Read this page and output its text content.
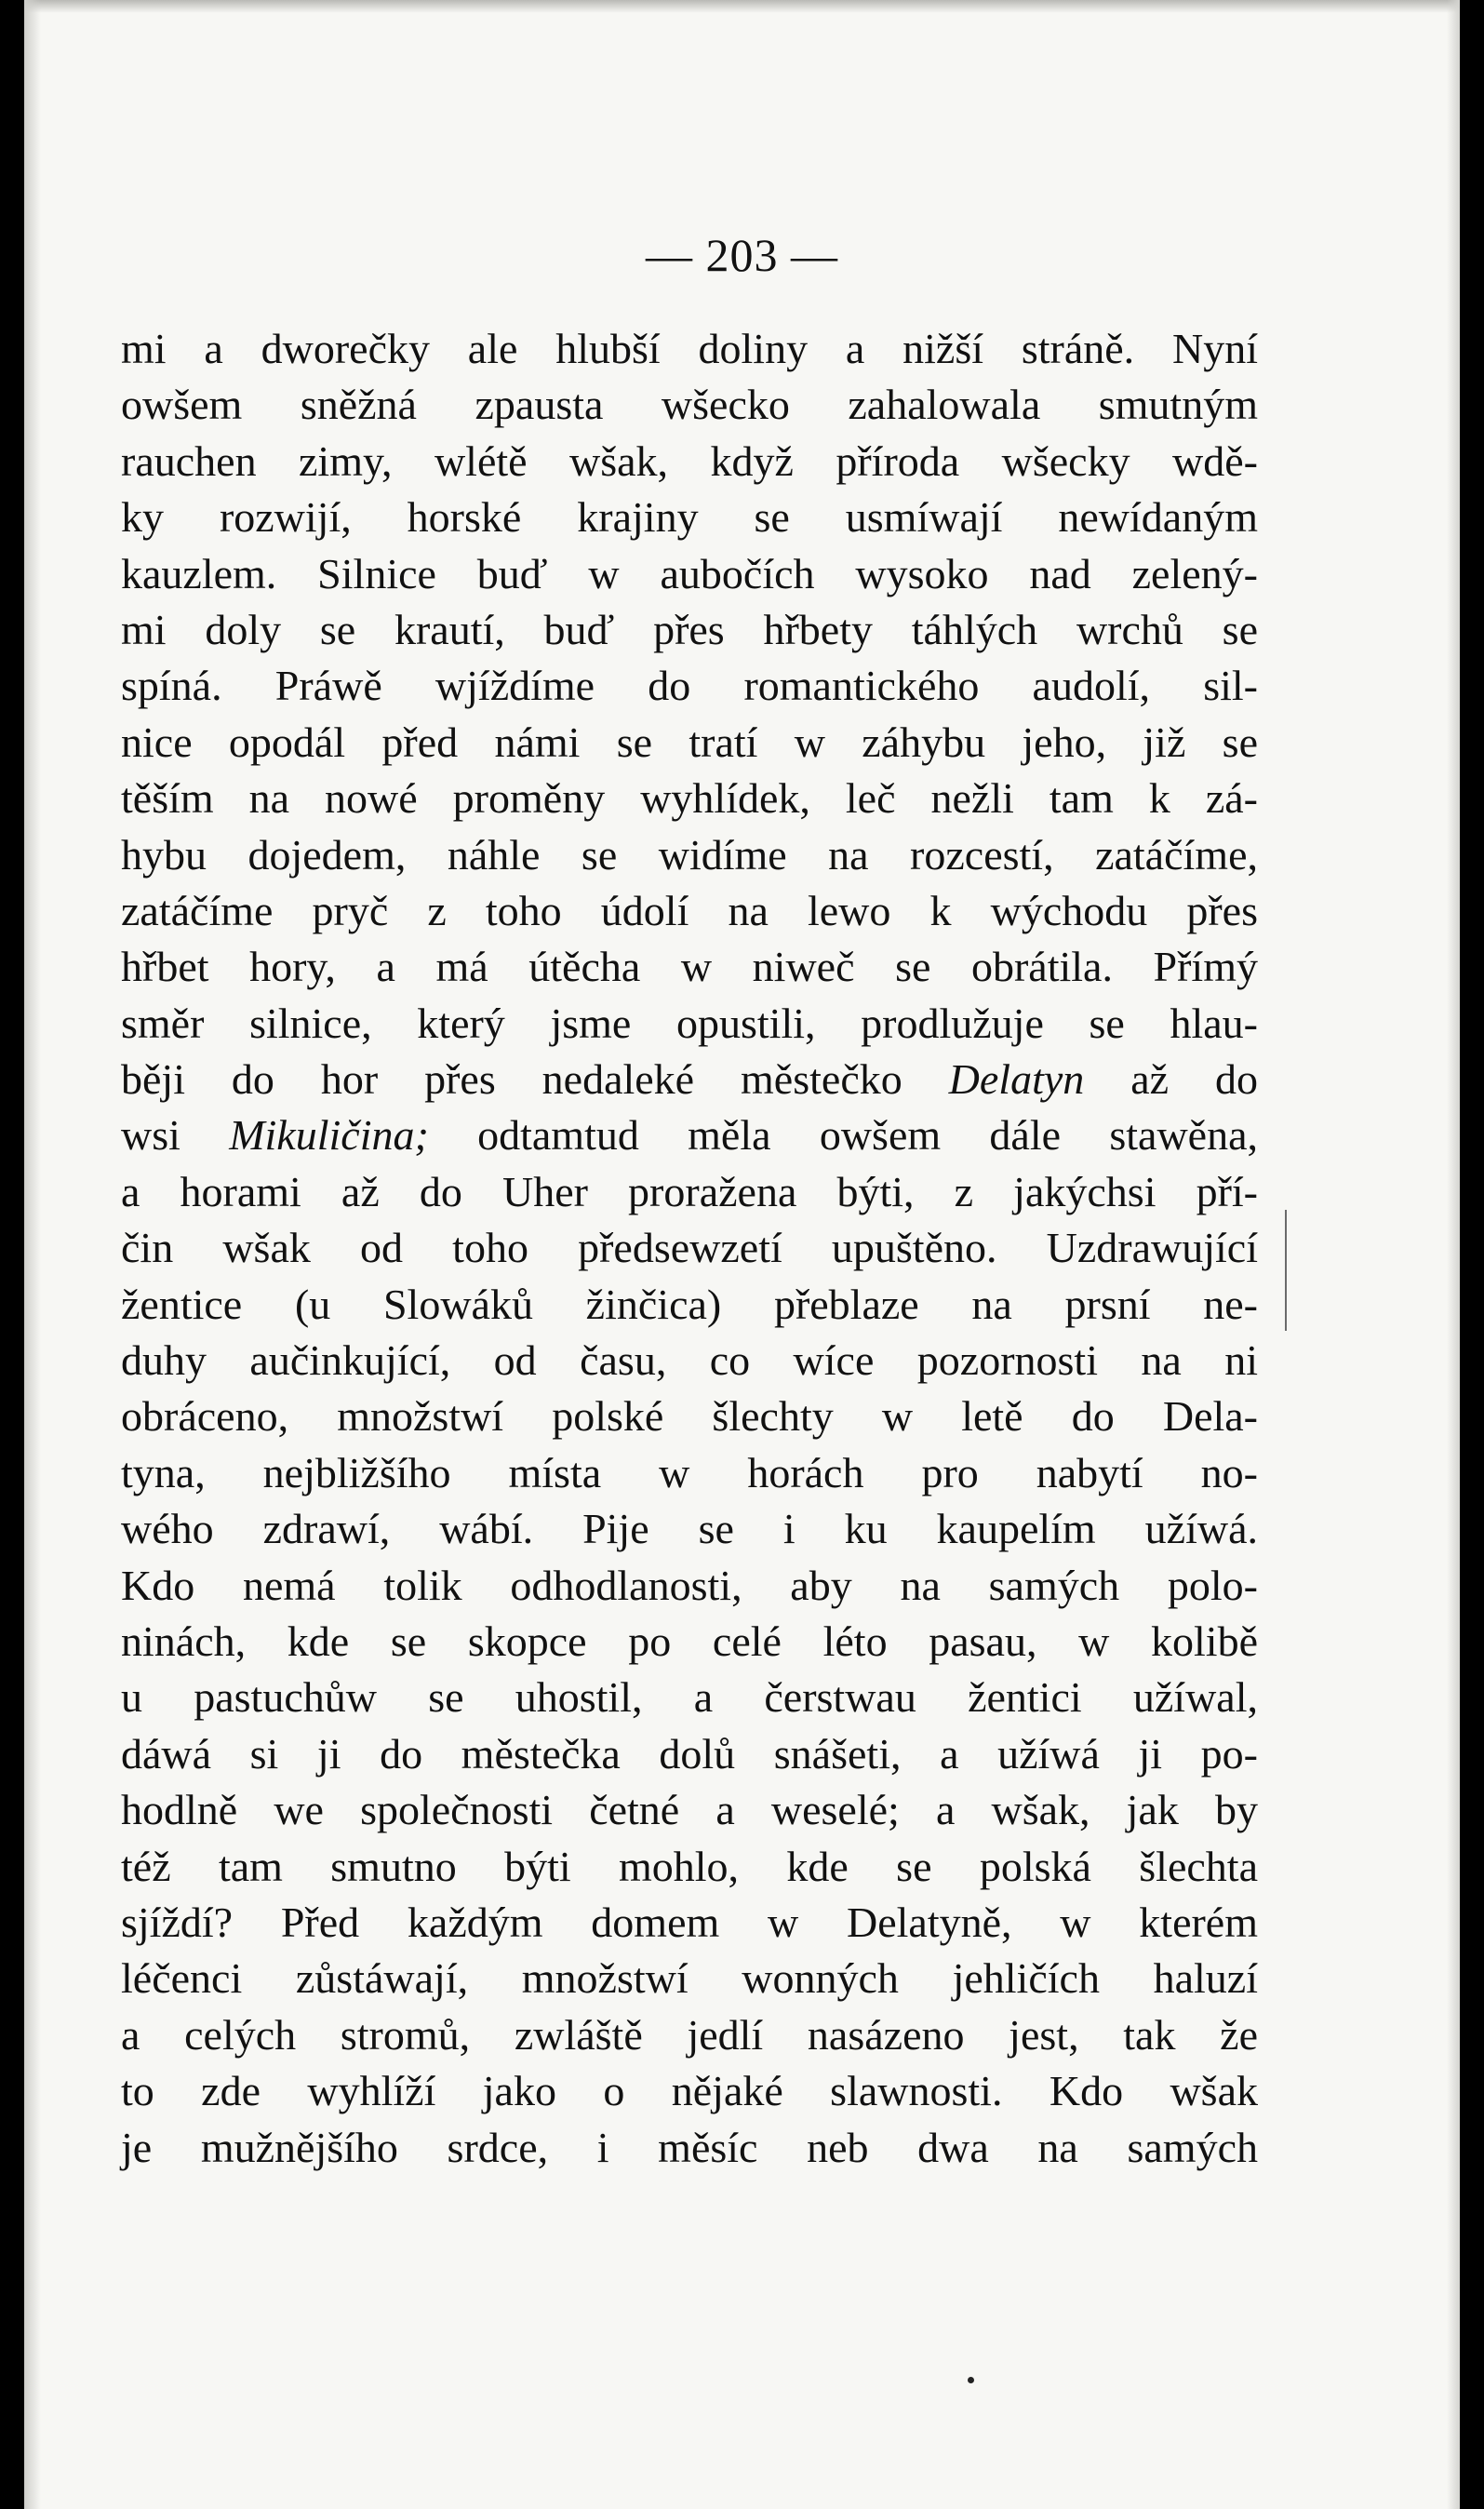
— 203 —
mi a dworečky ale hlubší doliny a nižší stráně. Nyní
owšem sněžná zpausta wšecko zahalowala smutným
rauchen zimy, wlétě wšak, když příroda wšecky wdě-
ky rozwijí, horské krajiny se usmíwají newídaným
kauzlem. Silnice buď w aubočích wysoko nad zelený-
mi doly se krautí, buď přes hřbety táhlých wrchů se
spíná. Práwě wjíždíme do romantického audolí, sil-
nice opodál před námi se tratí w záhybu jeho, již se
těším na nowé proměny wyhlídek, leč nežli tam k zá-
hybu dojedem, náhle se widíme na rozcestí, zatáčíme,
zatáčíme pryč z toho údolí na lewo k wýchodu přes
hřbet hory, a má útěcha w niweč se obrátila. Přímý
směr silnice, který jsme opustili, prodlužuje se hlau-
běji do hor přes nedaleké městečko Delatyn až do
wsi Mikuličina; odtamtud měla owšem dále stawěna,
a horami až do Uher proražena býti, z jakýchsi pří-
čin wšak od toho předsewzetí upuštěno. Uzdrawující
žentice (u Slowáků žinčica) přeblaze na prsní ne-
duhy aučinkující, od času, co wíce pozornosti na ni
obráceno, množstwí polské šlechty w letě do Dela-
tyna, nejbližšího místa w horách pro nabytí no-
wého zdrawí, wábí. Pije se i ku kaupelím užíwá.
Kdo nemá tolik odhodlanosti, aby na samých polo-
ninách, kde se skopce po celé léto pasau, w kolibě
u pastuchůw se uhostil, a čerstwau žentici užíwal,
dáwá si ji do městečka dolů snášeti, a užíwá ji po-
hodlně we společnosti četné a weselé; a wšak, jak by
též tam smutno býti mohlo, kde se polská šlechta
sjíždí? Před každým domem w Delatyně, w kterém
léčenci zůstáwají, množstwí wonných jehličích haluzí
a celých stromů, zwláště jedlí nasázeno jest, tak že
to zde wyhlíží jako o nějaké slawnosti. Kdo wšak
je mužnějšího srdce, i měsíc neb dwa na samých
